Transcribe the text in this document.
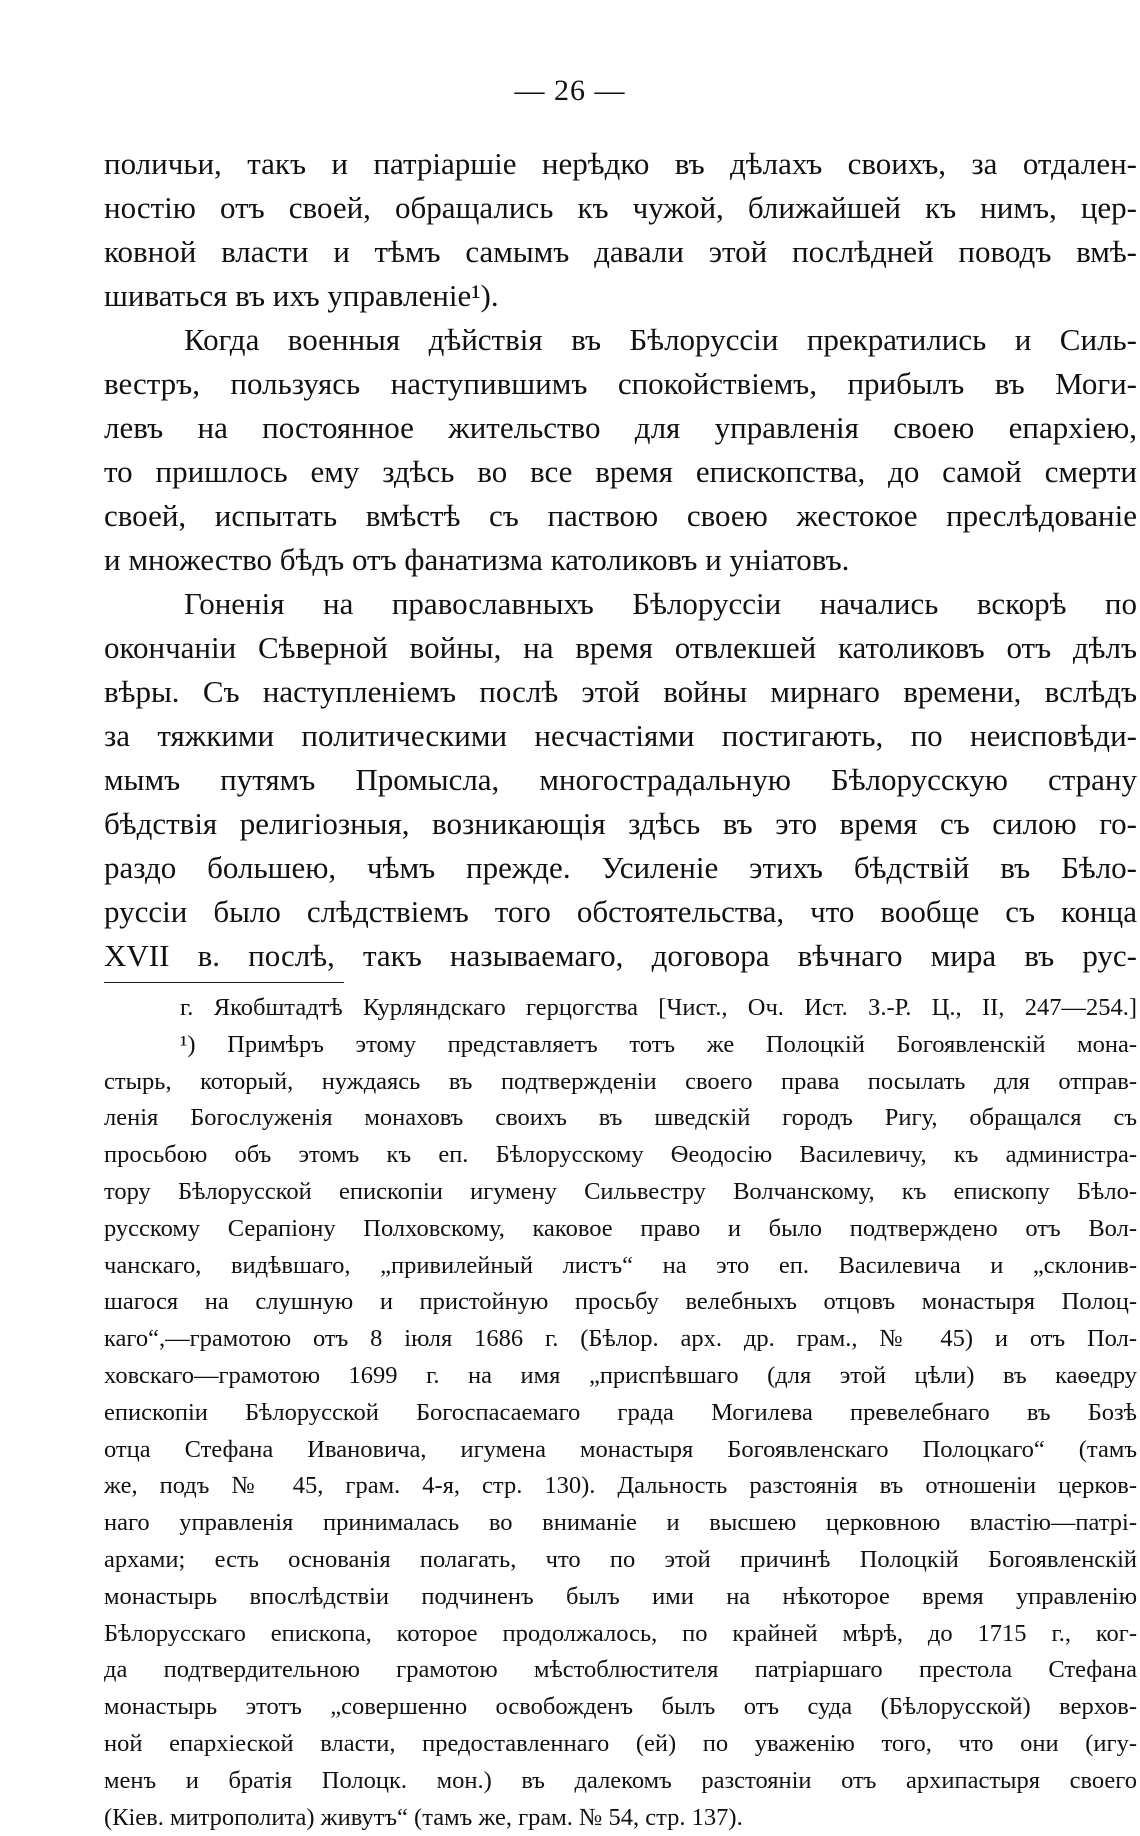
— 26 —
поличьи, такъ и патріаршіе нерѣдко въ дѣлахъ своихъ, за отдален-
ностію отъ своей, обращались къ чужой, ближайшей къ нимъ, цер-
ковной власти и тѣмъ самымъ давали этой послѣдней поводъ вмѣ-
шиваться въ ихъ управленіе¹).
Когда военныя дѣйствія въ Бѣлоруссіи прекратились и Силь-
вестръ, пользуясь наступившимъ спокойствіемъ, прибылъ въ Моги-
левъ на постоянное жительство для управленія своею епархіею,
то пришлось ему здѣсь во все время епископства, до самой смерти
своей, испытать вмѣстѣ съ паствою своею жестокое преслѣдованіе
и множество бѣдъ отъ фанатизма католиковъ и уніатовъ.
Гоненія на православныхъ Бѣлоруссіи начались вскорѣ по
окончаніи Сѣверной войны, на время отвлекшей католиковъ отъ дѣлъ
вѣры. Съ наступленіемъ послѣ этой войны мирнаго времени, вслѣдъ
за тяжкими политическими несчастіями постигають, по неисповѣди-
мымъ путямъ Промысла, многострадальную Бѣлорусскую страну
бѣдствія религіозныя, возникающія здѣсь въ это время съ силою го-
раздо большею, чѣмъ прежде. Усиленіе этихъ бѣдствій въ Бѣло-
руссіи было слѣдствіемъ того обстоятельства, что вообще съ конца
XVII в. послѣ, такъ называемаго, договора вѣчнаго мира въ рус-
г. Якобштадтѣ Курляндскаго герцогства [Чист., Оч. Ист. З.-Р. Ц., II, 247—254.]
¹) Примѣръ этому представляетъ тотъ же Полоцкій Богоявленскій мона-
стырь, который, нуждаясь въ подтвержденіи своего права посылать для отправ-
ленія Богослуженія монаховъ своихъ въ шведскій городъ Ригу, обращался съ
просьбою объ этомъ къ еп. Бѣлорусскому Ѳеодосію Василевичу, къ администра-
тору Бѣлорусской епископіи игумену Сильвестру Волчанскому, къ епископу Бѣло-
русскому Серапіону Полховскому, каковое право и было подтверждено отъ Вол-
чанскаго, видѣвшаго, „привилейный листъ“ на это еп. Василевича и „склонив-
шагося на слушную и пристойную просьбу велебныхъ отцовъ монастыря Полоц-
каго“,—грамотою отъ 8 іюля 1686 г. (Бѣлор. арх. др. грам., № 45) и отъ Пол-
ховскаго—грамотою 1699 г. на имя „приспѣвшаго (для этой цѣли) въ каѳедру
епископіи Бѣлорусской Богоспасаемаго града Могилева превелебнаго въ Бозѣ
отца Стефана Ивановича, игумена монастыря Богоявленскаго Полоцкаго“ (тамъ
же, подъ № 45, грам. 4-я, стр. 130). Дальность разстоянія въ отношеніи церков-
наго управленія принималась во вниманіе и высшею церковною властію—патрі-
архами; есть основанія полагать, что по этой причинѣ Полоцкій Богоявленскій
монастырь впослѣдствіи подчиненъ былъ ими на нѣкоторое время управленію
Бѣлорусскаго епископа, которое продолжалось, по крайней мѣрѣ, до 1715 г., ког-
да подтвердительною грамотою мѣстоблюстителя патріаршаго престола Стефана
монастырь этотъ „совершенно освобожденъ былъ отъ суда (Бѣлорусской) верхов-
ной епархіеской власти, предоставленнаго (ей) по уваженію того, что они (игу-
менъ и братія Полоцк. мон.) въ далекомъ разстояніи отъ архипастыря своего
(Кіев. митрополита) живутъ“ (тамъ же, грам. № 54, стр. 137).
